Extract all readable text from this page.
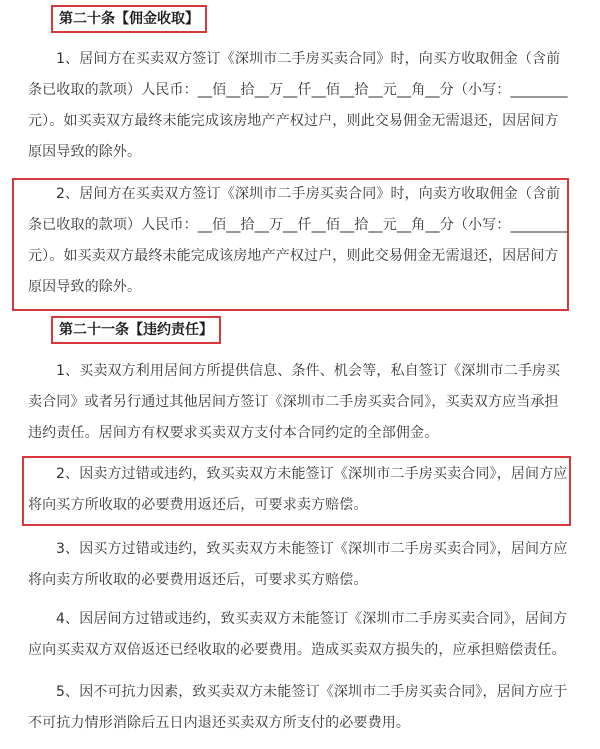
第二十条【佣金收取】
1、居间方在买卖双方签订《深圳市二手房买卖合同》时，向买方收取佣金（含前条已收取的款项）人民币：__佰__拾__万__仟__佰__拾__元__角__分（小写：________元）。如买卖双方最终未能完成该房地产产权过户，则此交易佣金无需退还，因居间方原因导致的除外。
2、居间方在买卖双方签订《深圳市二手房买卖合同》时，向卖方收取佣金（含前条已收取的款项）人民币：__佰__拾__万__仟__佰__拾__元__角__分（小写：________元）。如买卖双方最终未能完成该房地产产权过户，则此交易佣金无需退还，因居间方原因导致的除外。
第二十一条【违约责任】
1、买卖双方利用居间方所提供信息、条件、机会等，私自签订《深圳市二手房买卖合同》或者另行通过其他居间方签订《深圳市二手房买卖合同》，买卖双方应当承担违约责任。居间方有权要求买卖双方支付本合同约定的全部佣金。
2、因卖方过错或违约，致买卖双方未能签订《深圳市二手房买卖合同》，居间方应将向买方所收取的必要费用返还后，可要求卖方赔偿。
3、因买方过错或违约，致买卖双方未能签订《深圳市二手房买卖合同》，居间方应将向卖方所收取的必要费用返还后，可要求买方赔偿。
4、因居间方过错或违约，致买卖双方未能签订《深圳市二手房买卖合同》，居间方应向买卖双方双倍返还已经收取的必要费用。造成买卖双方损失的，应承担赔偿责任。
5、因不可抗力因素，致买卖双方未能签订《深圳市二手房买卖合同》，居间方应于不可抗力情形消除后五日内退还买卖双方所支付的必要费用。
